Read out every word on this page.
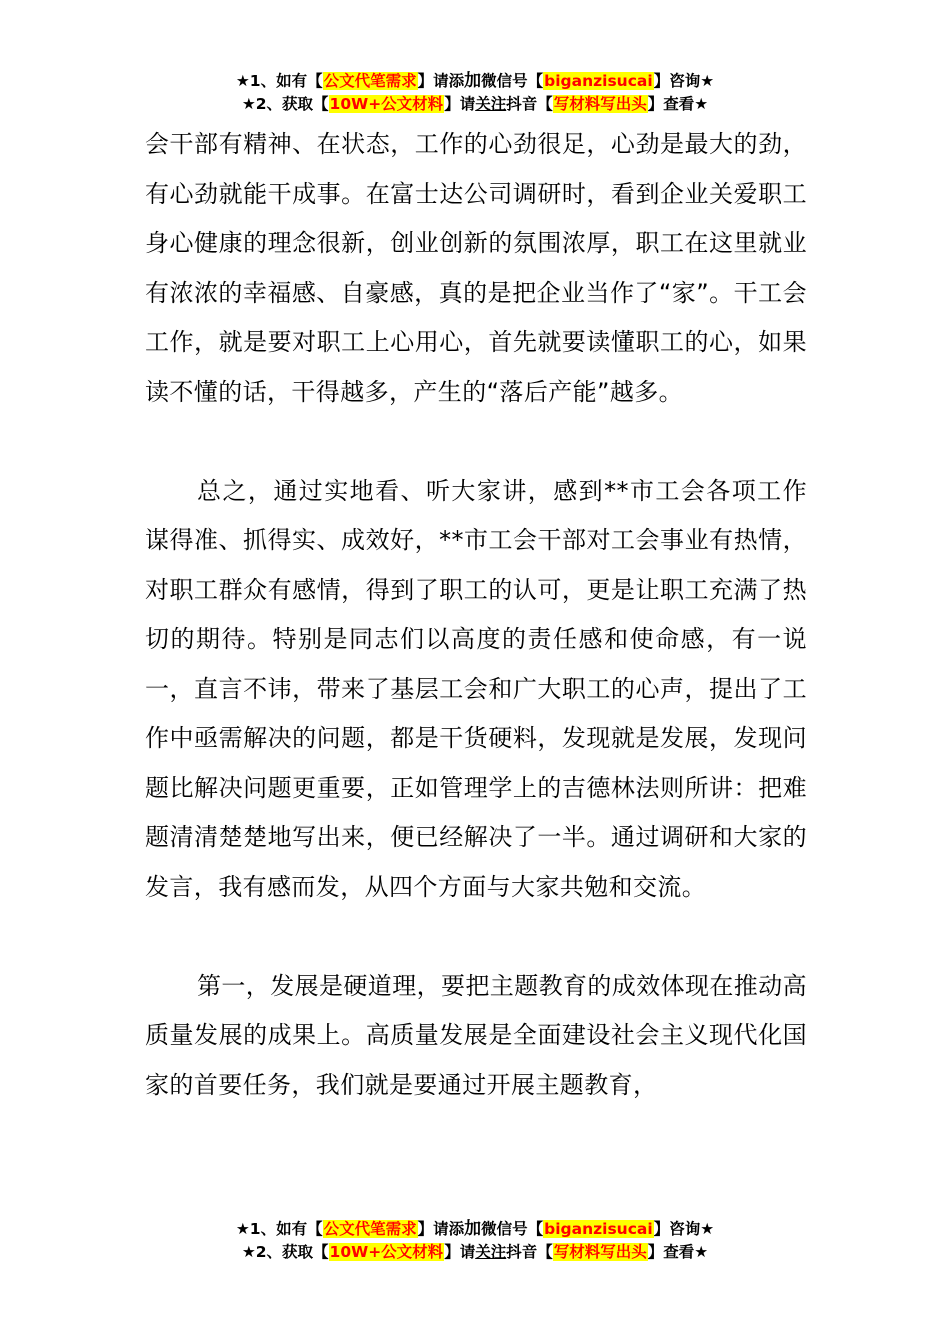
★1、如有【公文代笔需求】请添加微信号【biganzisucai】咨询★
★2、获取【10W+公文材料】请关注抖音【写材料写出头】查看★

会干部有精神、在状态，工作的心劲很足，心劲是最大的劲，有心劲就能干成事。在富士达公司调研时，看到企业关爱职工身心健康的理念很新，创业创新的氛围浓厚，职工在这里就业有浓浓的幸福感、自豪感，真的是把企业当作了“家”。干工会工作，就是要对职工上心用心，首先就要读懂职工的心，如果读不懂的话，干得越多，产生的“落后产能”越多。

总之，通过实地看、听大家讲，感到**市工会各项工作谋得准、抓得实、成效好，**市工会干部对工会事业有热情，对职工群众有感情，得到了职工的认可，更是让职工充满了热切的期待。特别是同志们以高度的责任感和使命感，有一说一，直言不讳，带来了基层工会和广大职工的心声，提出了工作中亟需解决的问题，都是干货硬料，发现就是发展，发现问题比解决问题更重要，正如管理学上的吉德林法则所讲：把难题清清楚楚地写出来，便已经解决了一半。通过调研和大家的发言，我有感而发，从四个方面与大家共勉和交流。

第一，发展是硬道理，要把主题教育的成效体现在推动高质量发展的成果上。高质量发展是全面建设社会主义现代化国家的首要任务，我们就是要通过开展主题教育，

★1、如有【公文代笔需求】请添加微信号【biganzisucai】咨询★
★2、获取【10W+公文材料】请关注抖音【写材料写出头】查看★
